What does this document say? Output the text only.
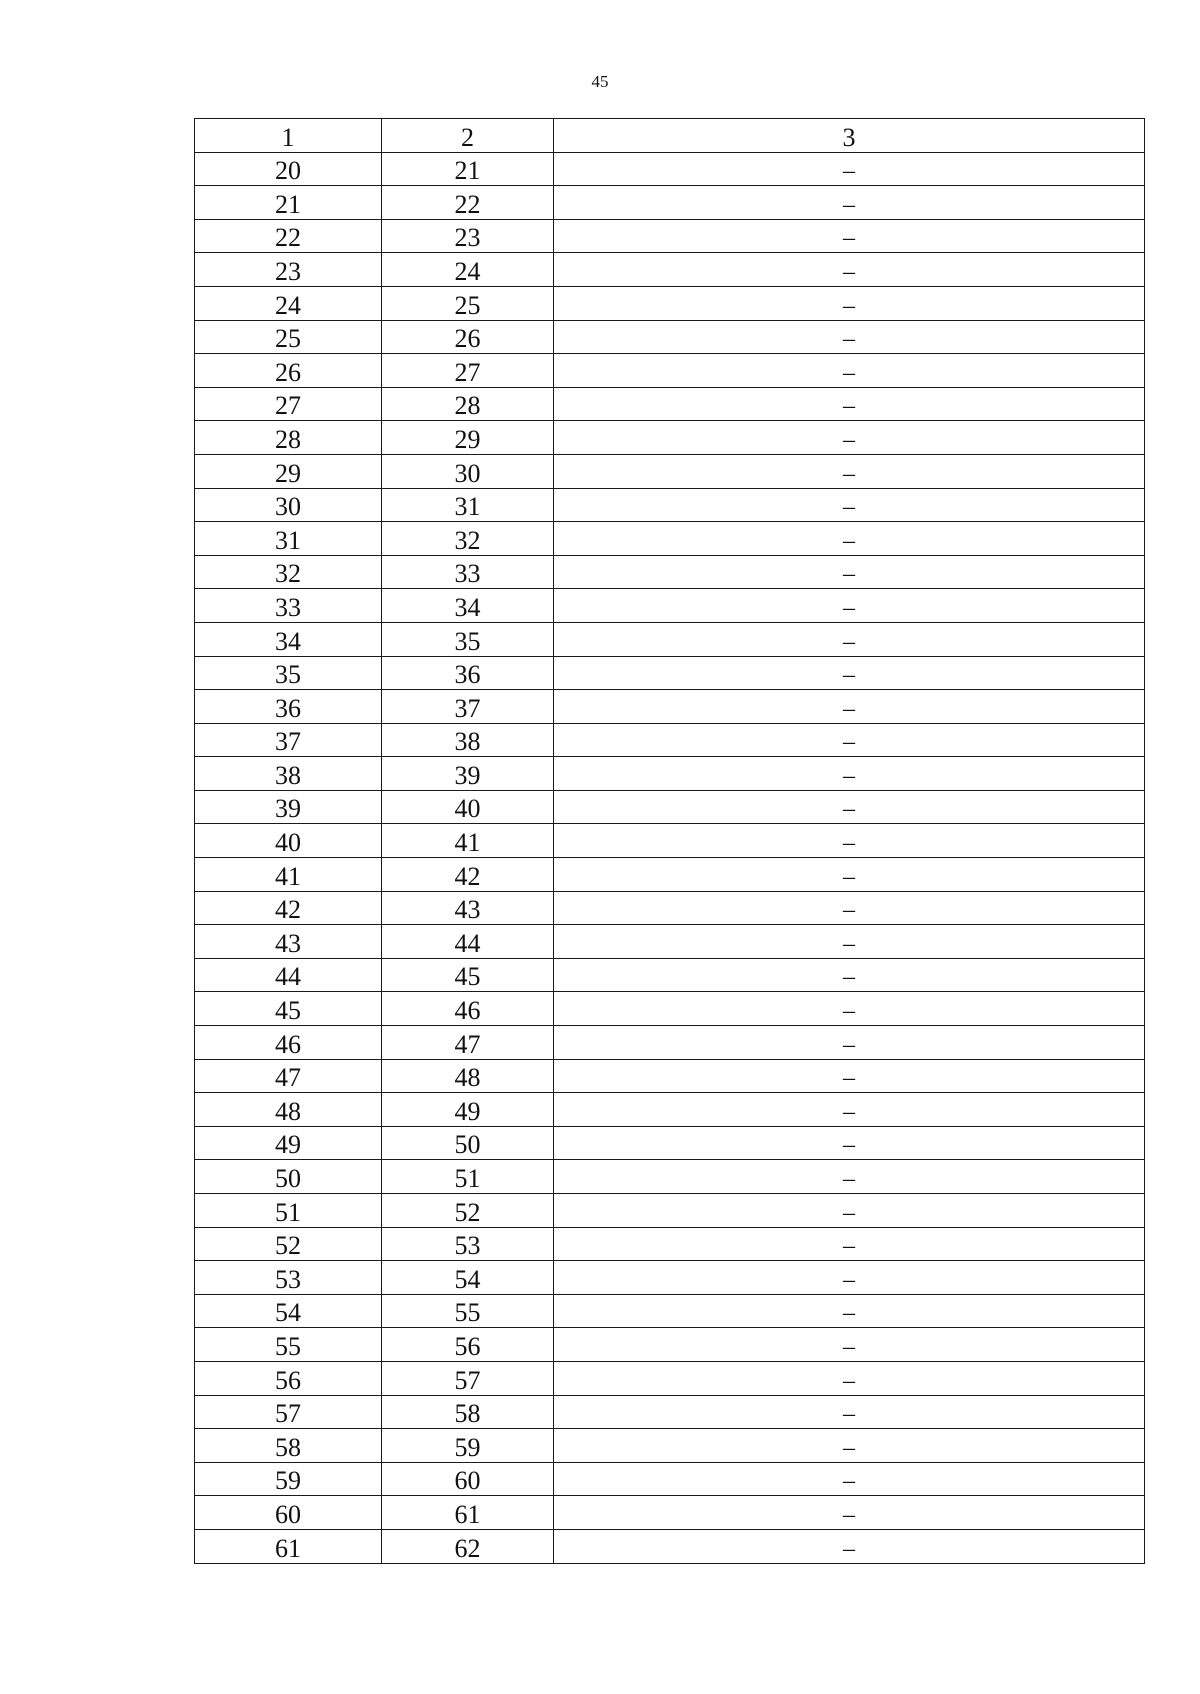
45
1	2	3
20	21	–
21	22	–
22	23	–
23	24	–
24	25	–
25	26	–
26	27	–
27	28	–
28	29	–
29	30	–
30	31	–
31	32	–
32	33	–
33	34	–
34	35	–
35	36	–
36	37	–
37	38	–
38	39	–
39	40	–
40	41	–
41	42	–
42	43	–
43	44	–
44	45	–
45	46	–
46	47	–
47	48	–
48	49	–
49	50	–
50	51	–
51	52	–
52	53	–
53	54	–
54	55	–
55	56	–
56	57	–
57	58	–
58	59	–
59	60	–
60	61	–
61	62	–
